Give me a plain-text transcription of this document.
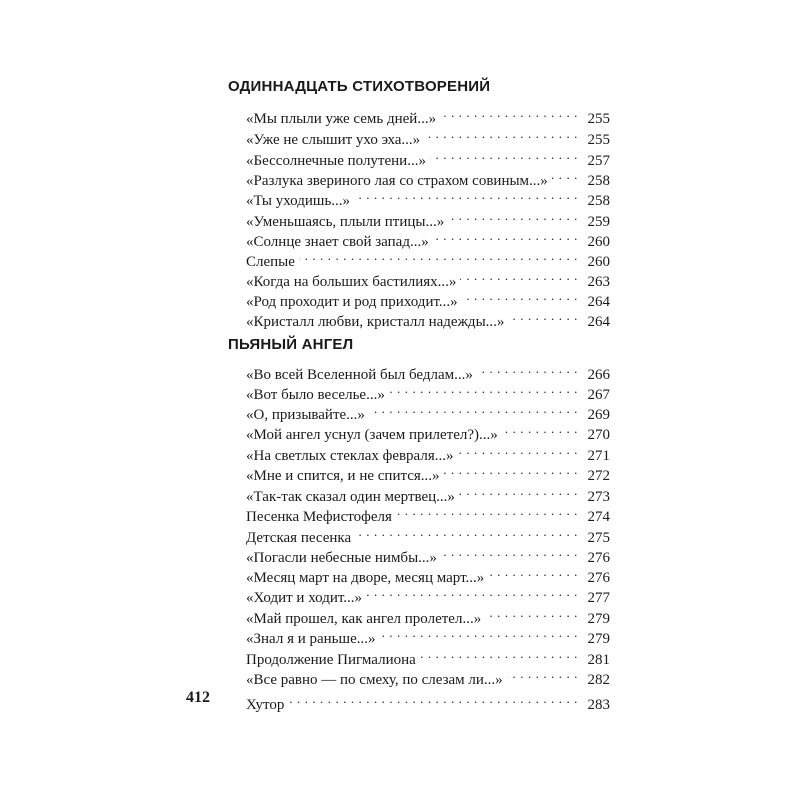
ОДИННАДЦАТЬ СТИХОТВОРЕНИЙ
«Мы плыли уже семь дней...» . . .	255
«Уже не слышит ухо эха...» . . .	255
«Бессолнечные полутени...» . . .	257
«Разлука звериного лая со страхом совиным...» . . .	258
«Ты уходишь...» . . .	258
«Уменьшаясь, плыли птицы...» . . .	259
«Солнце знает свой запад...» . . .	260
Слепые . . .	260
«Когда на больших бастилиях...» . . .	263
«Род проходит и род приходит...» . . .	264
«Кристалл любви, кристалл надежды...» . . .	264
ПЬЯНЫЙ АНГЕЛ
«Во всей Вселенной был бедлам...» . . .	266
«Вот было веселье...» . . .	267
«О, призывайте...» . . .	269
«Мой ангел уснул (зачем прилетел?)...» . . .	270
«На светлых стеклах февраля...» . . .	271
«Мне и спится, и не спится...» . . .	272
«Так-так сказал один мертвец...» . . .	273
Песенка Мефистофеля . . .	274
Детская песенка . . .	275
«Погасли небесные нимбы...» . . .	276
«Месяц март на дворе, месяц март...» . . .	276
«Ходит и ходит...» . . .	277
«Май прошел, как ангел пролетел...» . . .	279
«Знал я и раньше...» . . .	279
Продолжение Пигмалиона . . .	281
«Все равно — по смеху, по слезам ли...» . . .	282
Хутор . . .	283
412
